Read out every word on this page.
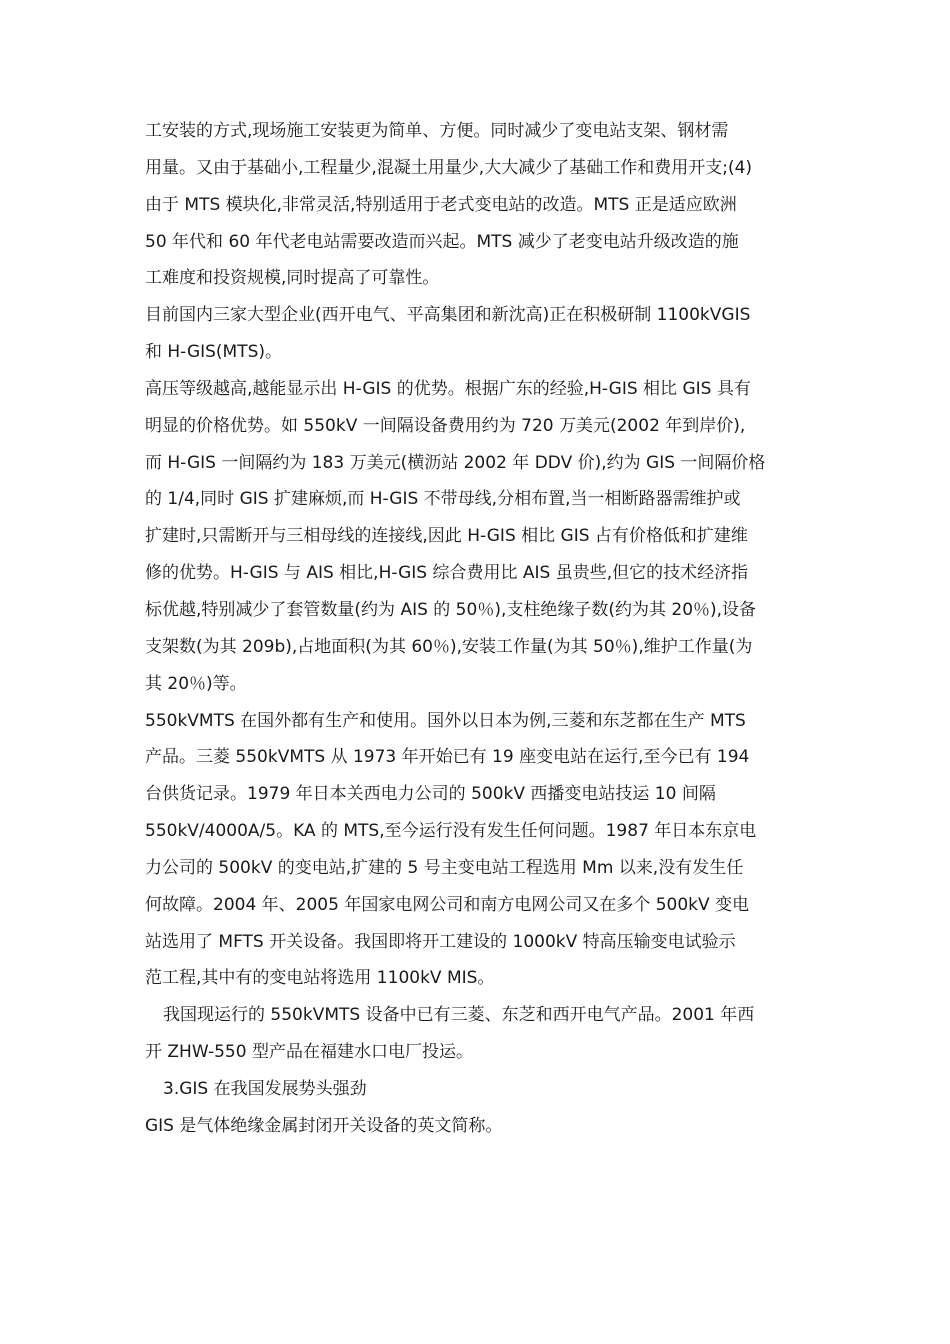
工安装的方式,现场施工安装更为简单、方便。同时减少了变电站支架、钢材需
用量。又由于基础小,工程量少,混凝土用量少,大大减少了基础工作和费用开支;(4)
由于 MTS 模块化,非常灵活,特别适用于老式变电站的改造。MTS 正是适应欧洲
50 年代和 60 年代老电站需要改造而兴起。MTS 减少了老变电站升级改造的施
工难度和投资规模,同时提高了可靠性。
目前国内三家大型企业(西开电气、平高集团和新沈高)正在积极研制 1100kVGIS
和 H-GIS(MTS)。
高压等级越高,越能显示出 H-GIS 的优势。根据广东的经验,H-GIS 相比 GIS 具有
明显的价格优势。如 550kV 一间隔设备费用约为 720 万美元(2002 年到岸价),
而 H-GIS 一间隔约为 183 万美元(横沥站 2002 年 DDV 价),约为 GIS 一间隔价格
的 1/4,同时 GIS 扩建麻烦,而 H-GIS 不带母线,分相布置,当一相断路器需维护或
扩建时,只需断开与三相母线的连接线,因此 H-GIS 相比 GIS 占有价格低和扩建维
修的优势。H-GIS 与 AIS 相比,H-GIS 综合费用比 AIS 虽贵些,但它的技术经济指
标优越,特别减少了套管数量(约为 AIS 的 50％),支柱绝缘子数(约为其 20％),设备
支架数(为其 209b),占地面积(为其 60％),安装工作量(为其 50％),维护工作量(为
其 20％)等。
550kVMTS 在国外都有生产和使用。国外以日本为例,三菱和东芝都在生产 MTS
产品。三菱 550kVMTS 从 1973 年开始已有 19 座变电站在运行,至今已有 194
台供货记录。1979 年日本关西电力公司的 500kV 西播变电站技运 10 间隔
550kV/4000A/5。KA 的 MTS,至今运行没有发生任何问题。1987 年日本东京电
力公司的 500kV 的变电站,扩建的 5 号主变电站工程选用 Mm 以来,没有发生任
何故障。2004 年、2005 年国家电网公司和南方电网公司又在多个 500kV 变电
站选用了 MFTS 开关设备。我国即将开工建设的 1000kV 特高压输变电试验示
范工程,其中有的变电站将选用 1100kV MIS。
我国现运行的 550kVMTS 设备中已有三菱、东芝和西开电气产品。2001 年西
开 ZHW-550 型产品在福建水口电厂投运。
3.GIS 在我国发展势头强劲
GIS 是气体绝缘金属封闭开关设备的英文简称。
